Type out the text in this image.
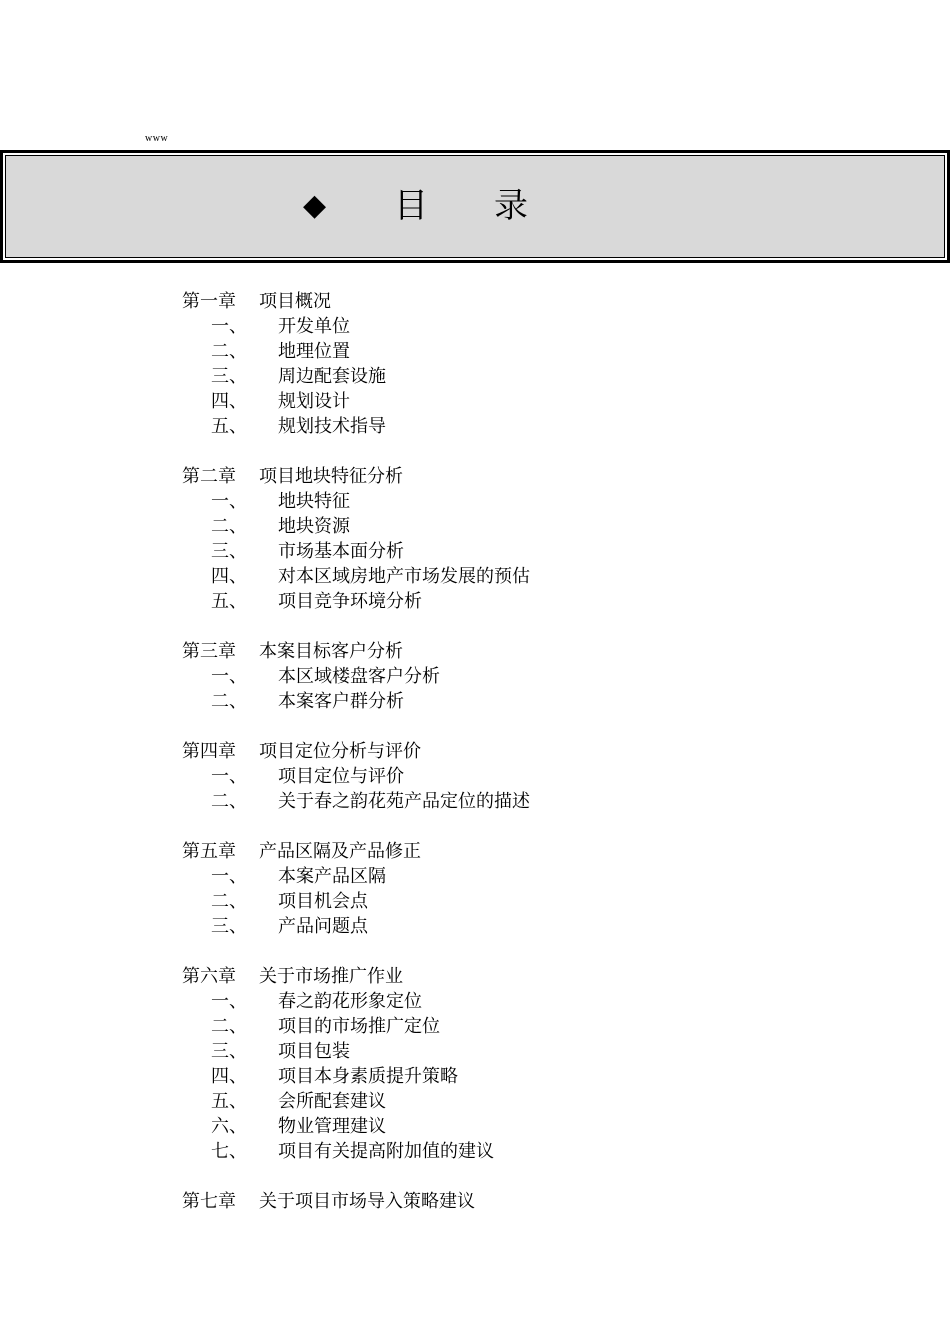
www
◆ 目录
第一章 项目概况
一、 开发单位
二、 地理位置
三、 周边配套设施
四、 规划设计
五、 规划技术指导
第二章 项目地块特征分析
一、 地块特征
二、 地块资源
三、 市场基本面分析
四、 对本区域房地产市场发展的预估
五、 项目竞争环境分析
第三章 本案目标客户分析
一、 本区域楼盘客户分析
二、 本案客户群分析
第四章 项目定位分析与评价
一、 项目定位与评价
二、 关于春之韵花苑产品定位的描述
第五章 产品区隔及产品修正
一、 本案产品区隔
二、 项目机会点
三、 产品问题点
第六章 关于市场推广作业
一、 春之韵花形象定位
二、 项目的市场推广定位
三、 项目包装
四、 项目本身素质提升策略
五、 会所配套建议
六、 物业管理建议
七、 项目有关提高附加值的建议
第七章 关于项目市场导入策略建议
